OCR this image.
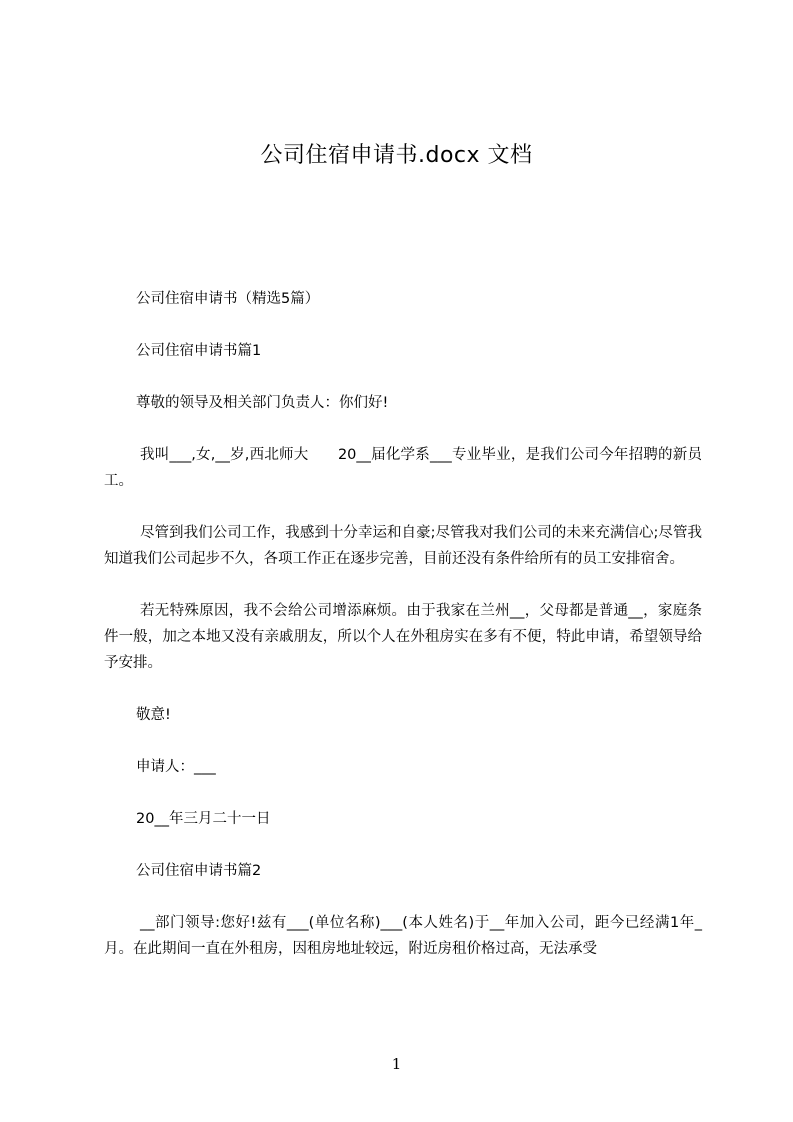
公司住宿申请书.docx 文档

公司住宿申请书（精选5篇）

公司住宿申请书篇1

尊敬的领导及相关部门负责人：你们好!

我叫___,女,__岁,西北师大　　20__届化学系___专业毕业，是我们公司今年招聘的新员工。

尽管到我们公司工作，我感到十分幸运和自豪;尽管我对我们公司的未来充满信心;尽管我知道我们公司起步不久，各项工作正在逐步完善，目前还没有条件给所有的员工安排宿舍。

若无特殊原因，我不会给公司增添麻烦。由于我家在兰州__，父母都是普通__，家庭条件一般，加之本地又没有亲戚朋友，所以个人在外租房实在多有不便，特此申请，希望领导给予安排。

敬意!

申请人：___

20__年三月二十一日

公司住宿申请书篇2

__部门领导:您好!兹有___(单位名称)___(本人姓名)于__年加入公司，距今已经满1年_月。在此期间一直在外租房，因租房地址较远，附近房租价格过高，无法承受

1
